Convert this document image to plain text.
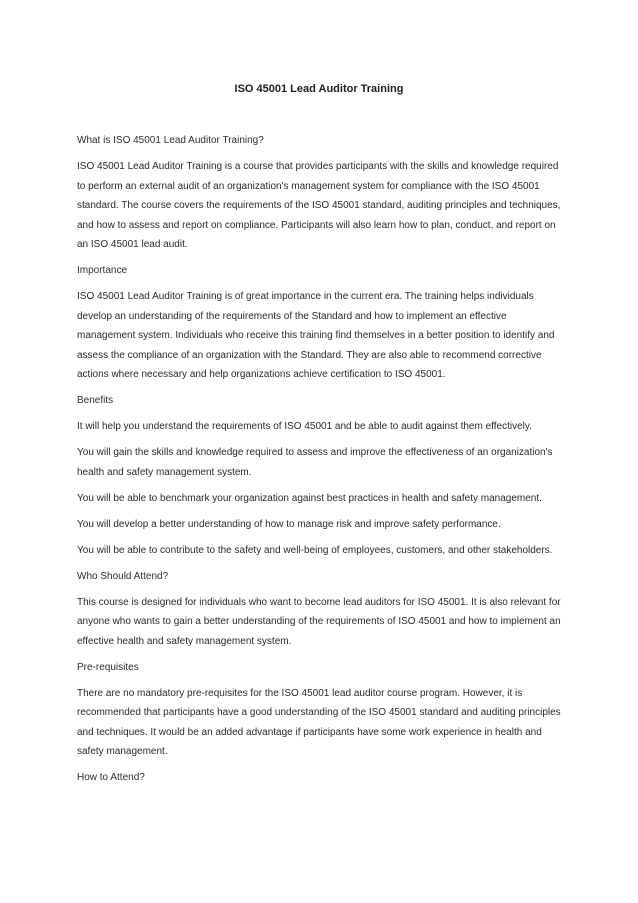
ISO 45001 Lead Auditor Training

What is ISO 45001 Lead Auditor Training?

ISO 45001 Lead Auditor Training is a course that provides participants with the skills and knowledge required to perform an external audit of an organization's management system for compliance with the ISO 45001 standard. The course covers the requirements of the ISO 45001 standard, auditing principles and techniques, and how to assess and report on compliance. Participants will also learn how to plan, conduct, and report on an ISO 45001 lead audit.

Importance

ISO 45001 Lead Auditor Training is of great importance in the current era. The training helps individuals develop an understanding of the requirements of the Standard and how to implement an effective management system. Individuals who receive this training find themselves in a better position to identify and assess the compliance of an organization with the Standard. They are also able to recommend corrective actions where necessary and help organizations achieve certification to ISO 45001.

Benefits

It will help you understand the requirements of ISO 45001 and be able to audit against them effectively.

You will gain the skills and knowledge required to assess and improve the effectiveness of an organization's health and safety management system.

You will be able to benchmark your organization against best practices in health and safety management.

You will develop a better understanding of how to manage risk and improve safety performance.

You will be able to contribute to the safety and well-being of employees, customers, and other stakeholders.

Who Should Attend?

This course is designed for individuals who want to become lead auditors for ISO 45001. It is also relevant for anyone who wants to gain a better understanding of the requirements of ISO 45001 and how to implement an effective health and safety management system.

Pre-requisites

There are no mandatory pre-requisites for the ISO 45001 lead auditor course program. However, it is recommended that participants have a good understanding of the ISO 45001 standard and auditing principles and techniques. It would be an added advantage if participants have some work experience in health and safety management.

How to Attend?
